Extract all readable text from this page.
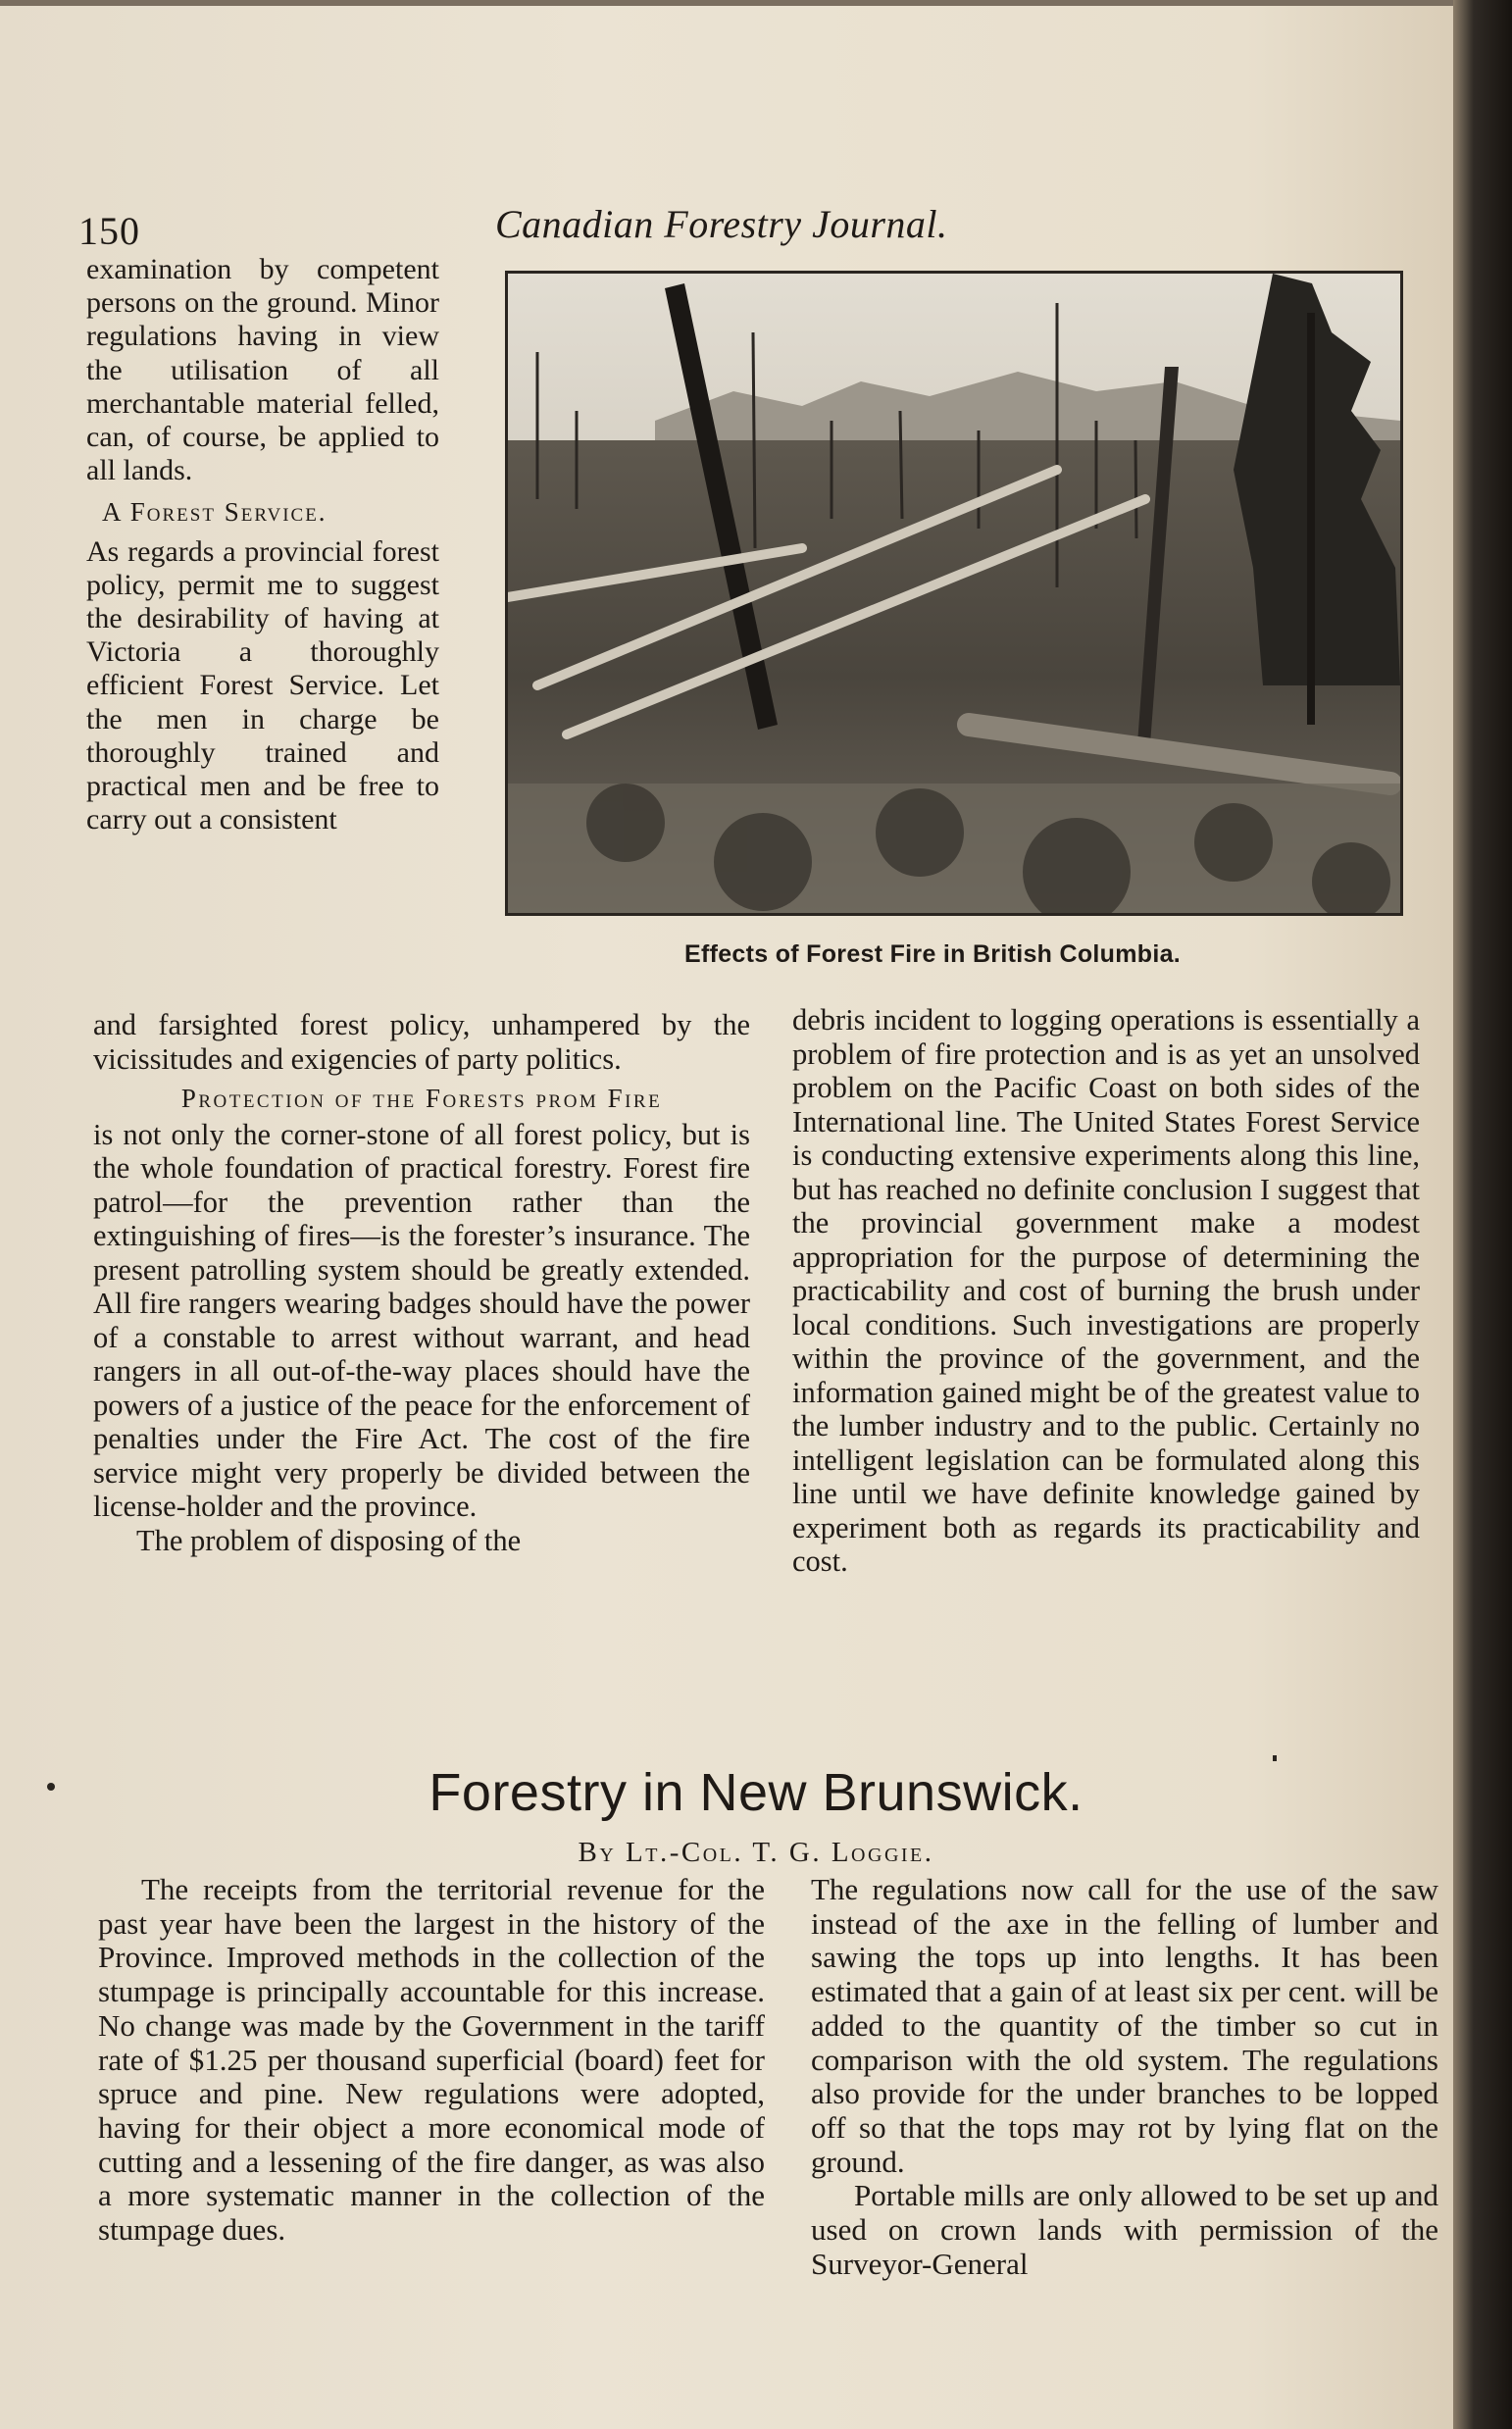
150	Canadian Forestry Journal.

examination by competent persons on the ground. Minor regulations having in view the utilisation of all merchantable material felled, can, of course, be applied to all lands.

A Forest Service.

As regards a provincial forest policy, permit me to suggest the desirability of having at Victoria a thoroughly efficient Forest Service. Let the men in charge be thoroughly trained and practical men and be free to carry out a consistent

Effects of Forest Fire in British Columbia.

and farsighted forest policy, unhampered by the vicissitudes and exigencies of party politics.

Protection of the Forests prom Fire

is not only the corner-stone of all forest policy, but is the whole foundation of practical forestry. Forest fire patrol—for the prevention rather than the extinguishing of fires—is the forester’s insurance. The present patrolling system should be greatly extended. All fire rangers wearing badges should have the power of a constable to arrest without warrant, and head rangers in all out-of-the-way places should have the powers of a justice of the peace for the enforcement of penalties under the Fire Act. The cost of the fire service might very properly be divided between the license-holder and the province.

The problem of disposing of the

debris incident to logging operations is essentially a problem of fire protection and is as yet an unsolved problem on the Pacific Coast on both sides of the International line. The United States Forest Service is conducting extensive experiments along this line, but has reached no definite conclusion I suggest that the provincial government make a modest appropriation for the purpose of determining the practicability and cost of burning the brush under local conditions. Such investigations are properly within the province of the government, and the information gained might be of the greatest value to the lumber industry and to the public. Certainly no intelligent legislation can be formulated along this line until we have definite knowledge gained by experiment both as regards its practicability and cost.

Forestry in New Brunswick.
By Lt.-Col. T. G. Loggie.

The receipts from the territorial revenue for the past year have been the largest in the history of the Province. Improved methods in the collection of the stumpage is principally accountable for this increase. No change was made by the Government in the tariff rate of $1.25 per thousand superficial (board) feet for spruce and pine. New regulations were adopted, having for their object a more economical mode of cutting and a lessening of the fire danger, as was also a more systematic manner in the collection of the stumpage dues.

The regulations now call for the use of the saw instead of the axe in the felling of lumber and sawing the tops up into lengths. It has been estimated that a gain of at least six per cent. will be added to the quantity of the timber so cut in comparison with the old system. The regulations also provide for the under branches to be lopped off so that the tops may rot by lying flat on the ground.

Portable mills are only allowed to be set up and used on crown lands with permission of the Surveyor-General
